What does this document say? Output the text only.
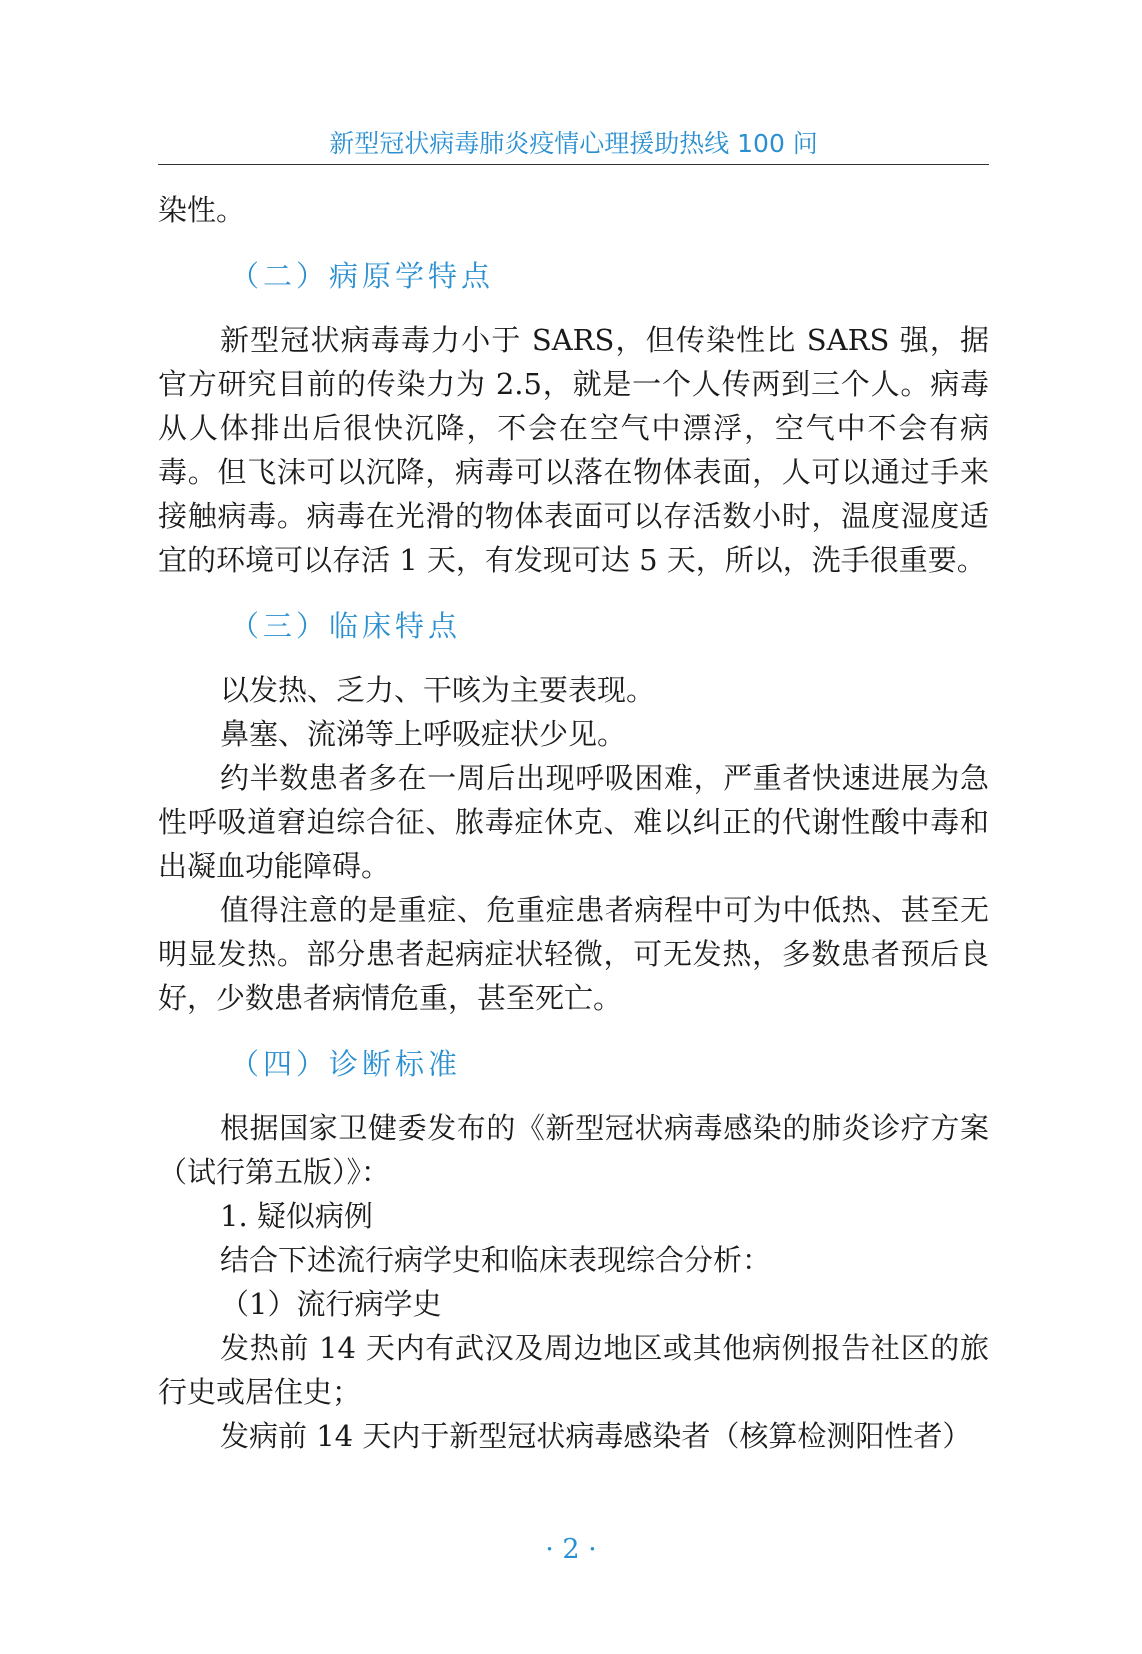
新型冠状病毒肺炎疫情心理援助热线 100 问

染性。

（二）病原学特点

新型冠状病毒毒力小于 SARS，但传染性比 SARS 强，据官方研究目前的传染力为 2.5，就是一个人传两到三个人。病毒从人体排出后很快沉降，不会在空气中漂浮，空气中不会有病毒。但飞沫可以沉降，病毒可以落在物体表面，人可以通过手来接触病毒。病毒在光滑的物体表面可以存活数小时，温度湿度适宜的环境可以存活 1 天，有发现可达 5 天，所以，洗手很重要。

（三）临床特点

以发热、乏力、干咳为主要表现。

鼻塞、流涕等上呼吸症状少见。

约半数患者多在一周后出现呼吸困难，严重者快速进展为急性呼吸道窘迫综合征、脓毒症休克、难以纠正的代谢性酸中毒和出凝血功能障碍。

值得注意的是重症、危重症患者病程中可为中低热、甚至无明显发热。部分患者起病症状轻微，可无发热，多数患者预后良好，少数患者病情危重，甚至死亡。

（四）诊断标准

根据国家卫健委发布的《新型冠状病毒感染的肺炎诊疗方案（试行第五版）》：

1. 疑似病例

结合下述流行病学史和临床表现综合分析：

（1）流行病学史

发热前 14 天内有武汉及周边地区或其他病例报告社区的旅行史或居住史；

发病前 14 天内于新型冠状病毒感染者（核算检测阳性者）

· 2 ·
